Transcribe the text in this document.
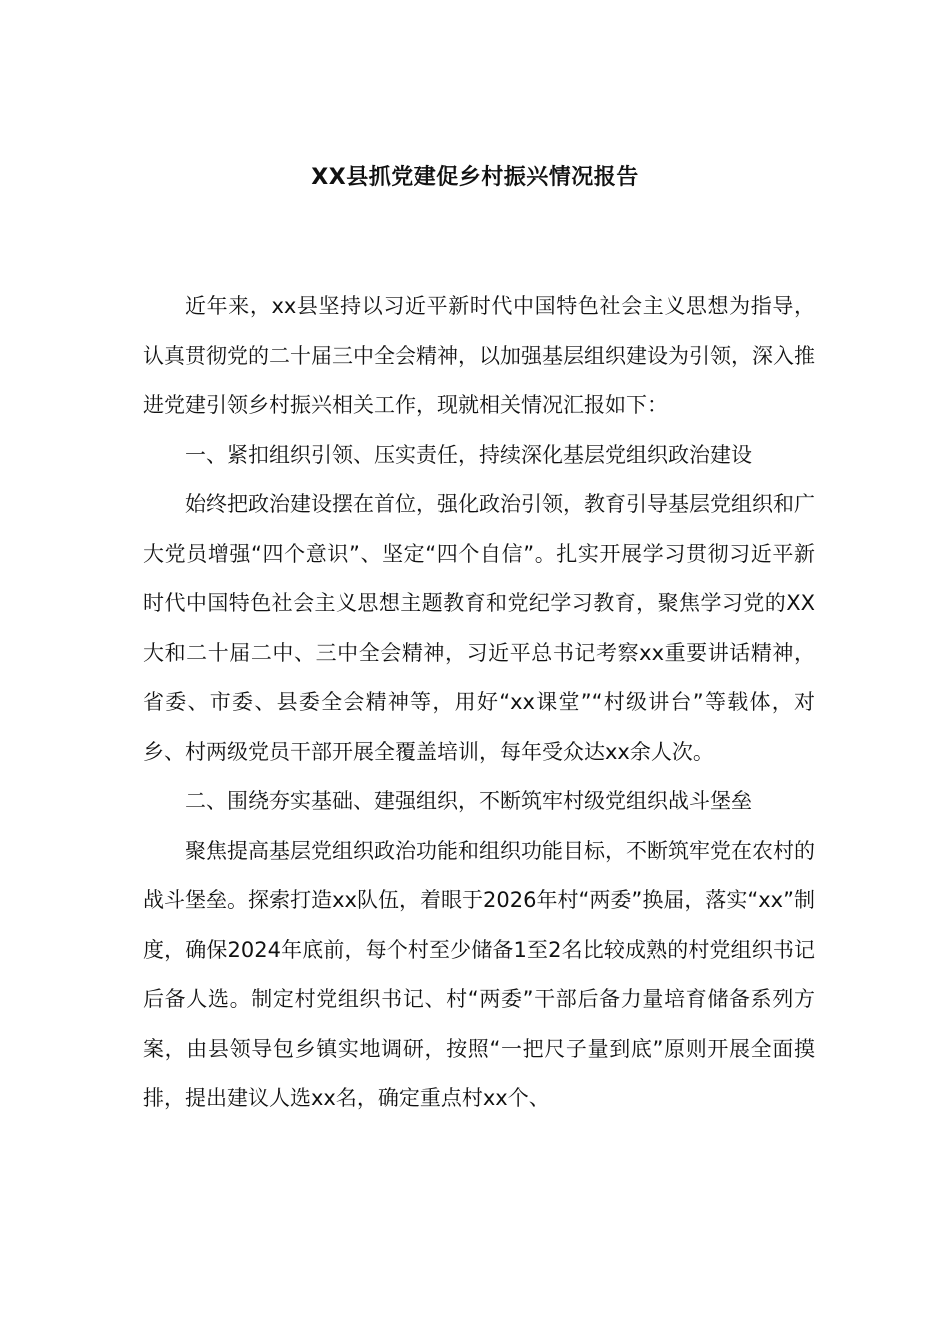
XX县抓党建促乡村振兴情况报告

近年来，xx县坚持以习近平新时代中国特色社会主义思想为指导，认真贯彻党的二十届三中全会精神，以加强基层组织建设为引领，深入推进党建引领乡村振兴相关工作，现就相关情况汇报如下：

一、紧扣组织引领、压实责任，持续深化基层党组织政治建设

始终把政治建设摆在首位，强化政治引领，教育引导基层党组织和广大党员增强“四个意识”、坚定“四个自信”。扎实开展学习贯彻习近平新时代中国特色社会主义思想主题教育和党纪学习教育，聚焦学习党的XX大和二十届二中、三中全会精神，习近平总书记考察xx重要讲话精神，省委、市委、县委全会精神等，用好“xx课堂”“村级讲台”等载体，对乡、村两级党员干部开展全覆盖培训，每年受众达xx余人次。

二、围绕夯实基础、建强组织，不断筑牢村级党组织战斗堡垒

聚焦提高基层党组织政治功能和组织功能目标，不断筑牢党在农村的战斗堡垒。探索打造xx队伍，着眼于2026年村“两委”换届，落实“xx”制度，确保2024年底前，每个村至少储备1至2名比较成熟的村党组织书记后备人选。制定村党组织书记、村“两委”干部后备力量培育储备系列方案，由县领导包乡镇实地调研，按照“一把尺子量到底”原则开展全面摸排，提出建议人选xx名，确定重点村xx个、
